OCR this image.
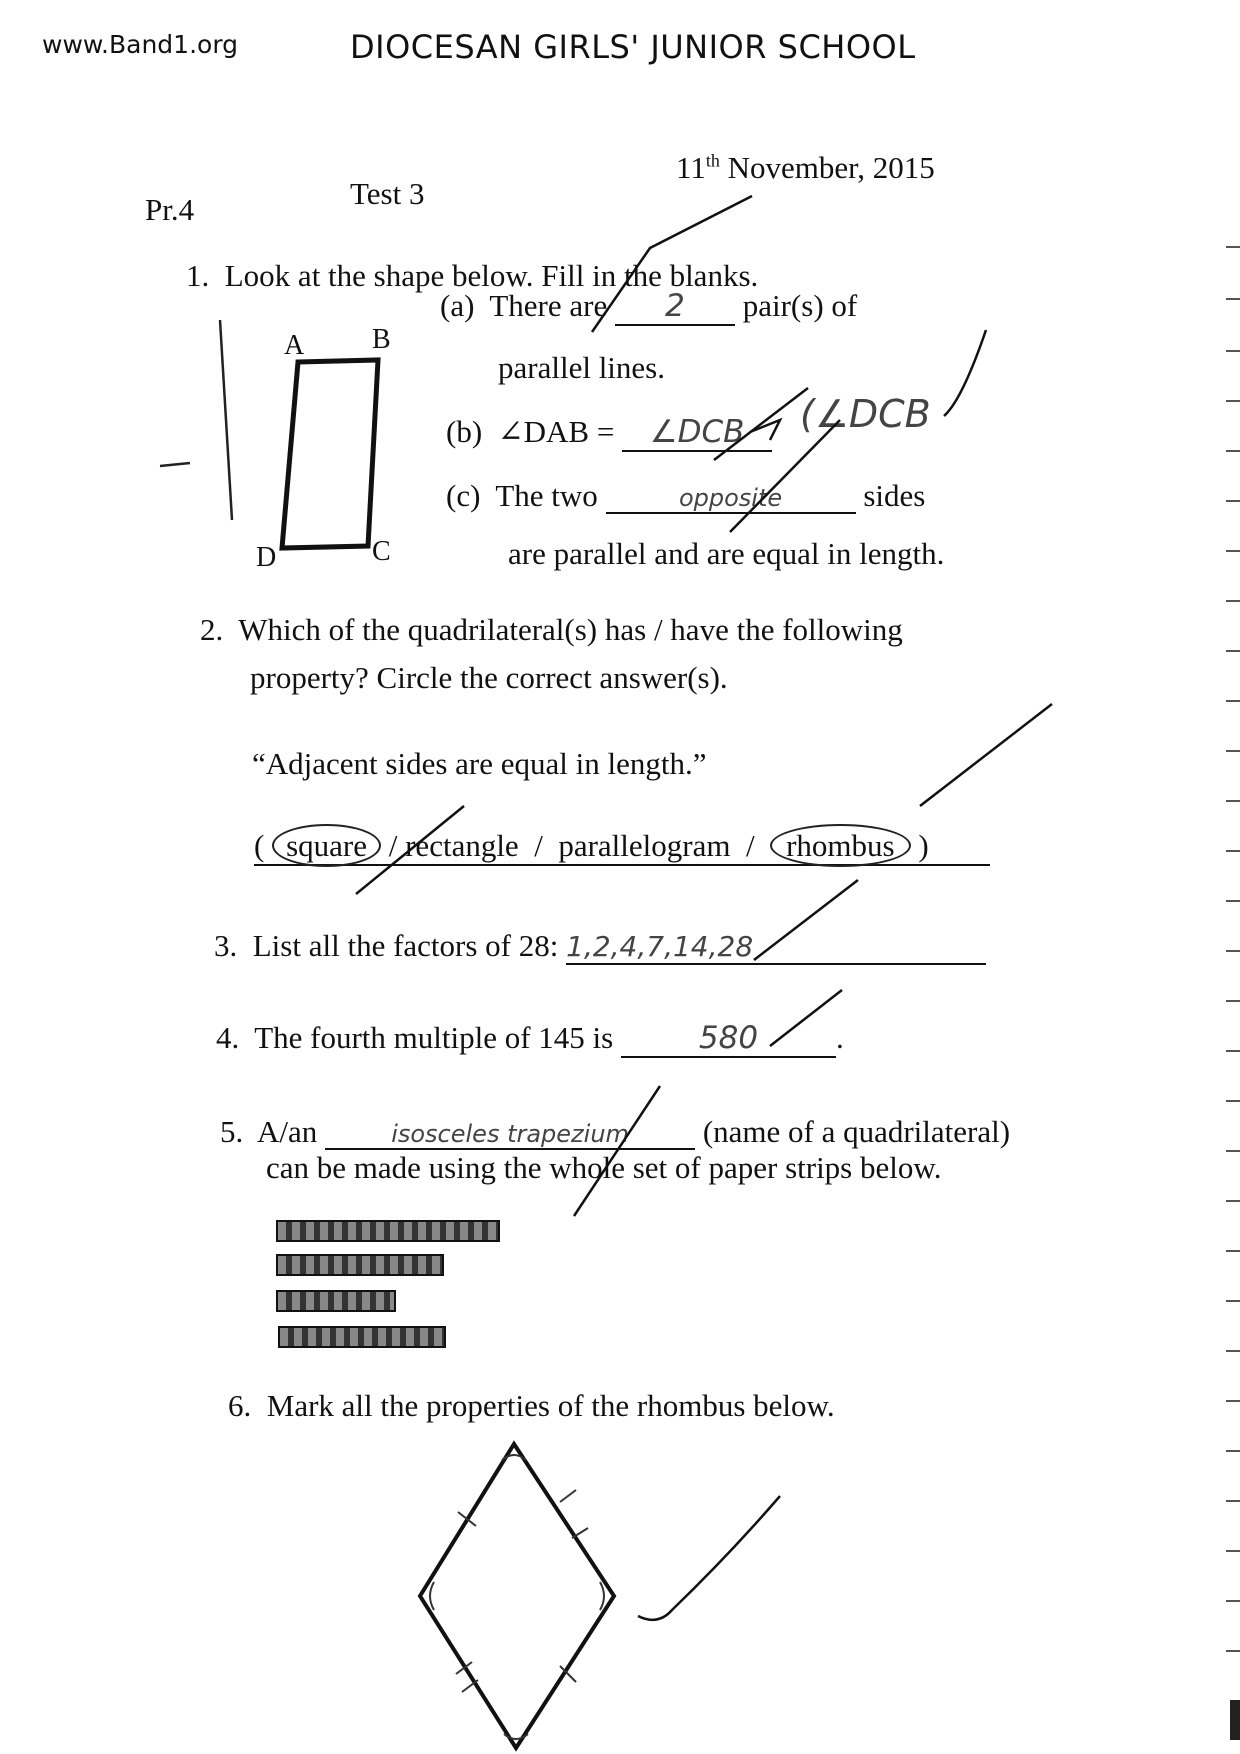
www.Band1.org	DIOCESAN GIRLS' JUNIOR SCHOOL
Pr.4	Test 3
11th November, 2015
1. Look at the shape below. Fill in the blanks.
A B
D	C
(a) There are 2 pair(s) of
parallel lines.
(b) ∠DAB = ∠DCB	(∠DCB
(c) The two	opposite	sides
are parallel and are equal in length.
2. Which of the quadrilateral(s) has / have the following
property? Circle the correct answer(s).
“Adjacent sides are equal in length.”
( square / rectangle / parallelogram / rhombus )
3. List all the factors of 28: 1,2,4,7,14,28
4. The fourth multiple of 145 is	580	.
5. A/an	isosceles trapezium (name of a quadrilateral)
can be made using the whole set of paper strips below.
6. Mark all the properties of the rhombus below.
